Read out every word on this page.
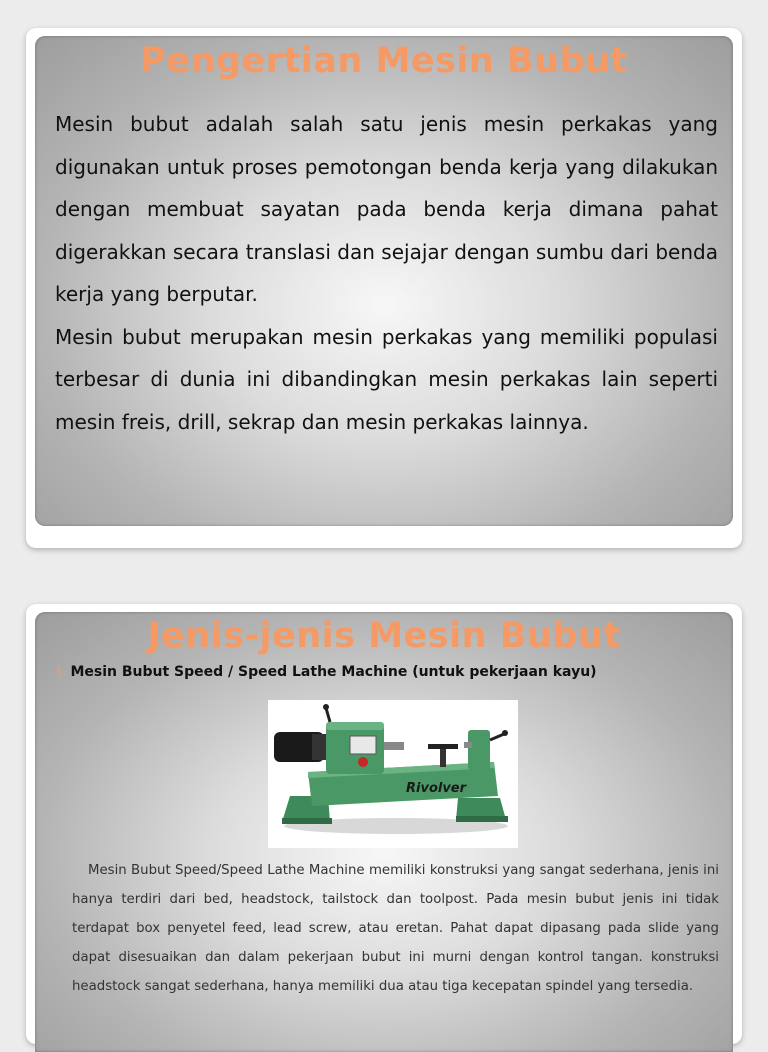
Pengertian Mesin Bubut

Mesin bubut adalah salah satu jenis mesin perkakas yang digunakan untuk proses pemotongan benda kerja yang dilakukan dengan membuat sayatan pada benda kerja dimana pahat digerakkan secara translasi dan sejajar dengan sumbu dari benda kerja yang berputar.

Mesin bubut merupakan mesin perkakas yang memiliki populasi terbesar di dunia ini dibandingkan mesin perkakas lain seperti mesin freis, drill, sekrap dan mesin perkakas lainnya.

Jenis-jenis Mesin Bubut
1. Mesin Bubut Speed / Speed Lathe Machine (untuk pekerjaan kayu)
Rivolver

Mesin Bubut Speed/Speed Lathe Machine memiliki konstruksi yang sangat sederhana, jenis ini hanya terdiri dari bed, headstock, tailstock dan toolpost. Pada mesin bubut jenis ini tidak terdapat box penyetel feed, lead screw, atau eretan. Pahat dapat dipasang pada slide yang dapat disesuaikan dan dalam pekerjaan bubut ini murni dengan kontrol tangan. konstruksi headstock sangat sederhana, hanya memiliki dua atau tiga kecepatan spindel yang tersedia.
